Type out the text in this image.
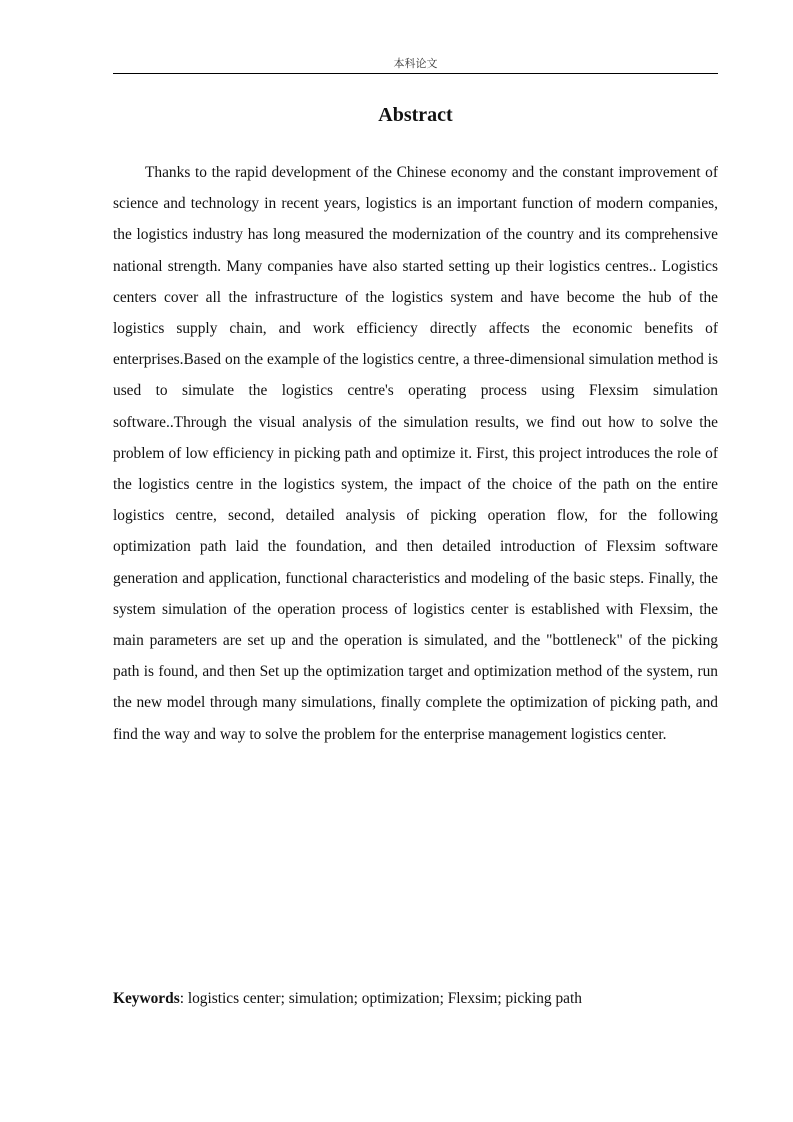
本科论文
Abstract

Thanks to the rapid development of the Chinese economy and the constant improvement of science and technology in recent years, logistics is an important function of modern companies, the logistics industry has long measured the modernization of the country and its comprehensive national strength. Many companies have also started setting up their logistics centres.. Logistics centers cover all the infrastructure of the logistics system and have become the hub of the logistics supply chain, and work efficiency directly affects the economic benefits of enterprises.Based on the example of the logistics centre, a three-dimensional simulation method is used to simulate the logistics centre's operating process using Flexsim simulation software..Through the visual analysis of the simulation results, we find out how to solve the problem of low efficiency in picking path and optimize it. First, this project introduces the role of the logistics centre in the logistics system, the impact of the choice of the path on the entire logistics centre, second, detailed analysis of picking operation flow, for the following optimization path laid the foundation, and then detailed introduction of Flexsim software generation and application, functional characteristics and modeling of the basic steps. Finally, the system simulation of the operation process of logistics center is established with Flexsim, the main parameters are set up and the operation is simulated, and the "bottleneck" of the picking path is found, and then Set up the optimization target and optimization method of the system, run the new model through many simulations, finally complete the optimization of picking path, and find the way and way to solve the problem for the enterprise management logistics center.

Keywords: logistics center; simulation; optimization; Flexsim; picking path
